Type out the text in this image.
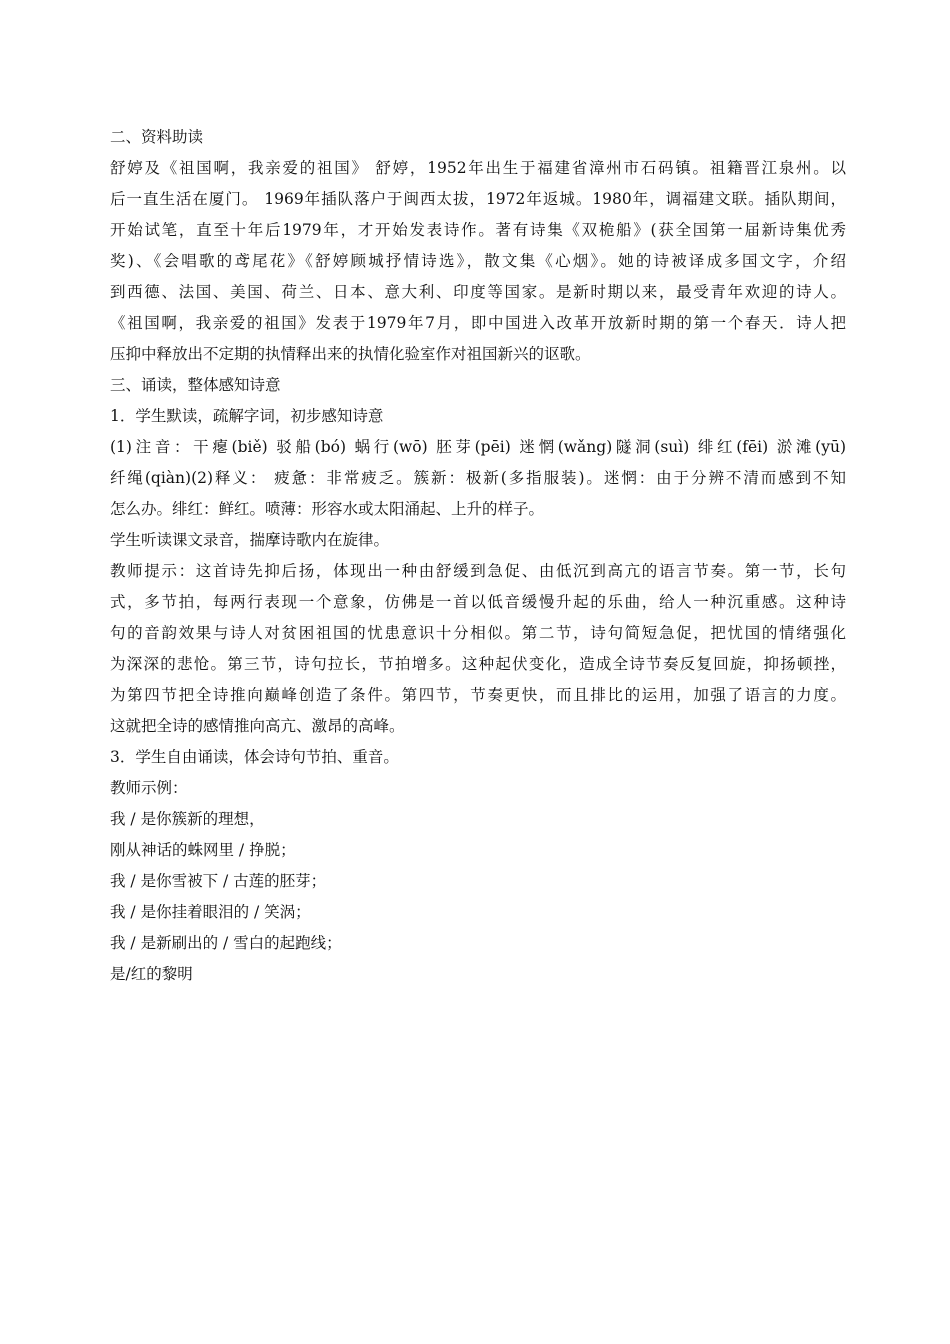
二、资料助读
舒婷及《祖国啊，我亲爱的祖国》 舒婷，1952年出生于福建省漳州市石码镇。祖籍晋江泉州。以
后一直生活在厦门。 1969年插队落户于闽西太拔，1972年返城。1980年，调福建文联。插队期间，
开始试笔，直至十年后1979年，才开始发表诗作。著有诗集《双桅船》(获全国第一届新诗集优秀
奖)、《会唱歌的鸢尾花》《舒婷顾城抒情诗选》，散文集《心烟》。她的诗被译成多国文字，介绍
到西德、法国、美国、荷兰、日本、意大利、印度等国家。是新时期以来，最受青年欢迎的诗人。
《祖国啊，我亲爱的祖国》发表于1979年7月，即中国进入改革开放新时期的第一个春天．诗人把
压抑中释放出不定期的执情释出来的执情化验室作对祖国新兴的讴歌。
三、诵读，整体感知诗意
1．学生默读，疏解字词，初步感知诗意
(1)注音：干瘪(biě) 驳船(bó) 蜗行(wō) 胚芽(pēi) 迷惘(wǎng)隧洞(suì) 绯红(fēi) 淤滩(yū)
纤绳(qiàn)(2)释义： 疲惫：非常疲乏。簇新：极新(多指服装)。迷惘：由于分辨不清而感到不知
怎么办。绯红：鲜红。喷薄：形容水或太阳涌起、上升的样子。
学生听读课文录音，揣摩诗歌内在旋律。
教师提示：这首诗先抑后扬，体现出一种由舒缓到急促、由低沉到高亢的语言节奏。第一节，长句
式，多节拍，每两行表现一个意象，仿佛是一首以低音缓慢升起的乐曲，给人一种沉重感。这种诗
句的音韵效果与诗人对贫困祖国的忧患意识十分相似。第二节，诗句简短急促，把忧国的情绪强化
为深深的悲怆。第三节，诗句拉长，节拍增多。这种起伏变化，造成全诗节奏反复回旋，抑扬顿挫，
为第四节把全诗推向巅峰创造了条件。第四节，节奏更快，而且排比的运用，加强了语言的力度。
这就把全诗的感情推向高亢、激昂的高峰。
3．学生自由诵读，体会诗句节拍、重音。
教师示例：
我 / 是你簇新的理想，
刚从神话的蛛网里 / 挣脱；
我 / 是你雪被下 / 古莲的胚芽；
我 / 是你挂着眼泪的 / 笑涡；
我 / 是新刷出的 / 雪白的起跑线；
是/红的黎明
